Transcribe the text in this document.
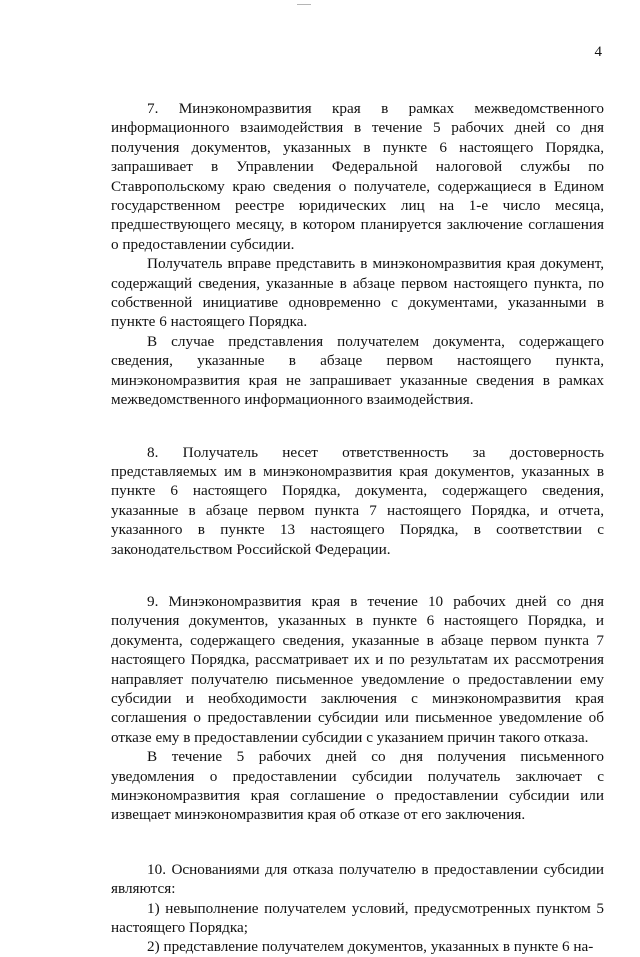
4

7. Минэкономразвития края в рамках межведомственного информационного взаимодействия в течение 5 рабочих дней со дня получения документов, указанных в пункте 6 настоящего Порядка, запрашивает в Управлении Федеральной налоговой службы по Ставропольскому краю сведения о получателе, содержащиеся в Едином государственном реестре юридических лиц на 1-е число месяца, предшествующего месяцу, в котором планируется заключение соглашения о предоставлении субсидии.

Получатель вправе представить в минэкономразвития края документ, содержащий сведения, указанные в абзаце первом настоящего пункта, по собственной инициативе одновременно с документами, указанными в пункте 6 настоящего Порядка.

В случае представления получателем документа, содержащего сведения, указанные в абзаце первом настоящего пункта, минэкономразвития края не запрашивает указанные сведения в рамках межведомственного информационного взаимодействия.

8. Получатель несет ответственность за достоверность представляемых им в минэкономразвития края документов, указанных в пункте 6 настоящего Порядка, документа, содержащего сведения, указанные в абзаце первом пункта 7 настоящего Порядка, и отчета, указанного в пункте 13 настоящего Порядка, в соответствии с законодательством Российской Федерации.

9. Минэкономразвития края в течение 10 рабочих дней со дня получения документов, указанных в пункте 6 настоящего Порядка, и документа, содержащего сведения, указанные в абзаце первом пункта 7 настоящего Порядка, рассматривает их и по результатам их рассмотрения направляет получателю письменное уведомление о предоставлении ему субсидии и необходимости заключения с минэкономразвития края соглашения о предоставлении субсидии или письменное уведомление об отказе ему в предоставлении субсидии с указанием причин такого отказа.

В течение 5 рабочих дней со дня получения письменного уведомления о предоставлении субсидии получатель заключает с минэкономразвития края соглашение о предоставлении субсидии или извещает минэкономразвития края об отказе от его заключения.

10. Основаниями для отказа получателю в предоставлении субсидии являются:

1) невыполнение получателем условий, предусмотренных пунктом 5 настоящего Порядка;

2) представление получателем документов, указанных в пункте 6 на-
